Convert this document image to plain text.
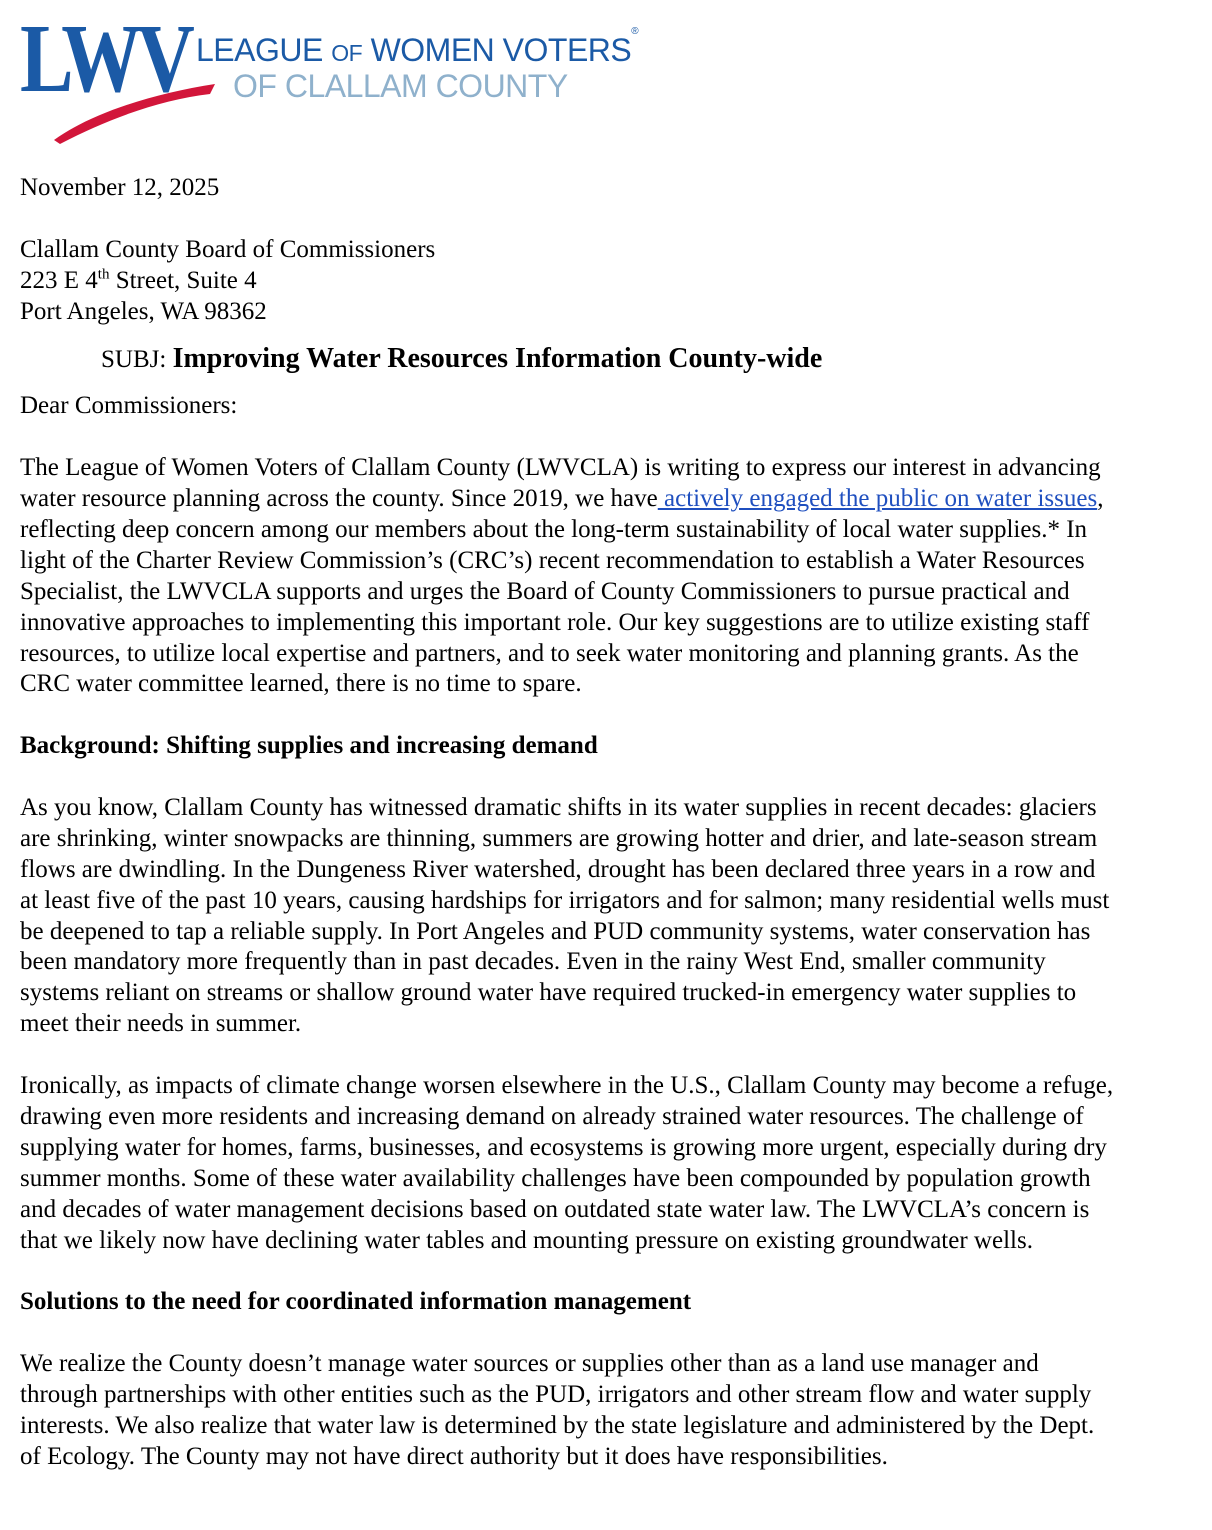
LWV LEAGUE OF WOMEN VOTERS®
OF CLALLAM COUNTY
November 12, 2025
Clallam County Board of Commissioners
223 E 4th Street, Suite 4
Port Angeles, WA 98362
SUBJ: Improving Water Resources Information County-wide
Dear Commissioners:
The League of Women Voters of Clallam County (LWVCLA) is writing to express our interest in advancing
water resource planning across the county. Since 2019, we have actively engaged the public on water issues,
reflecting deep concern among our members about the long-term sustainability of local water supplies.* In
light of the Charter Review Commission’s (CRC’s) recent recommendation to establish a Water Resources
Specialist, the LWVCLA supports and urges the Board of County Commissioners to pursue practical and
innovative approaches to implementing this important role. Our key suggestions are to utilize existing staff
resources, to utilize local expertise and partners, and to seek water monitoring and planning grants. As the
CRC water committee learned, there is no time to spare.
Background: Shifting supplies and increasing demand
As you know, Clallam County has witnessed dramatic shifts in its water supplies in recent decades: glaciers
are shrinking, winter snowpacks are thinning, summers are growing hotter and drier, and late-season stream
flows are dwindling. In the Dungeness River watershed, drought has been declared three years in a row and
at least five of the past 10 years, causing hardships for irrigators and for salmon; many residential wells must
be deepened to tap a reliable supply. In Port Angeles and PUD community systems, water conservation has
been mandatory more frequently than in past decades. Even in the rainy West End, smaller community
systems reliant on streams or shallow ground water have required trucked-in emergency water supplies to
meet their needs in summer.
Ironically, as impacts of climate change worsen elsewhere in the U.S., Clallam County may become a refuge,
drawing even more residents and increasing demand on already strained water resources. The challenge of
supplying water for homes, farms, businesses, and ecosystems is growing more urgent, especially during dry
summer months. Some of these water availability challenges have been compounded by population growth
and decades of water management decisions based on outdated state water law. The LWVCLA’s concern is
that we likely now have declining water tables and mounting pressure on existing groundwater wells.
Solutions to the need for coordinated information management
We realize the County doesn’t manage water sources or supplies other than as a land use manager and
through partnerships with other entities such as the PUD, irrigators and other stream flow and water supply
interests. We also realize that water law is determined by the state legislature and administered by the Dept.
of Ecology. The County may not have direct authority but it does have responsibilities.
